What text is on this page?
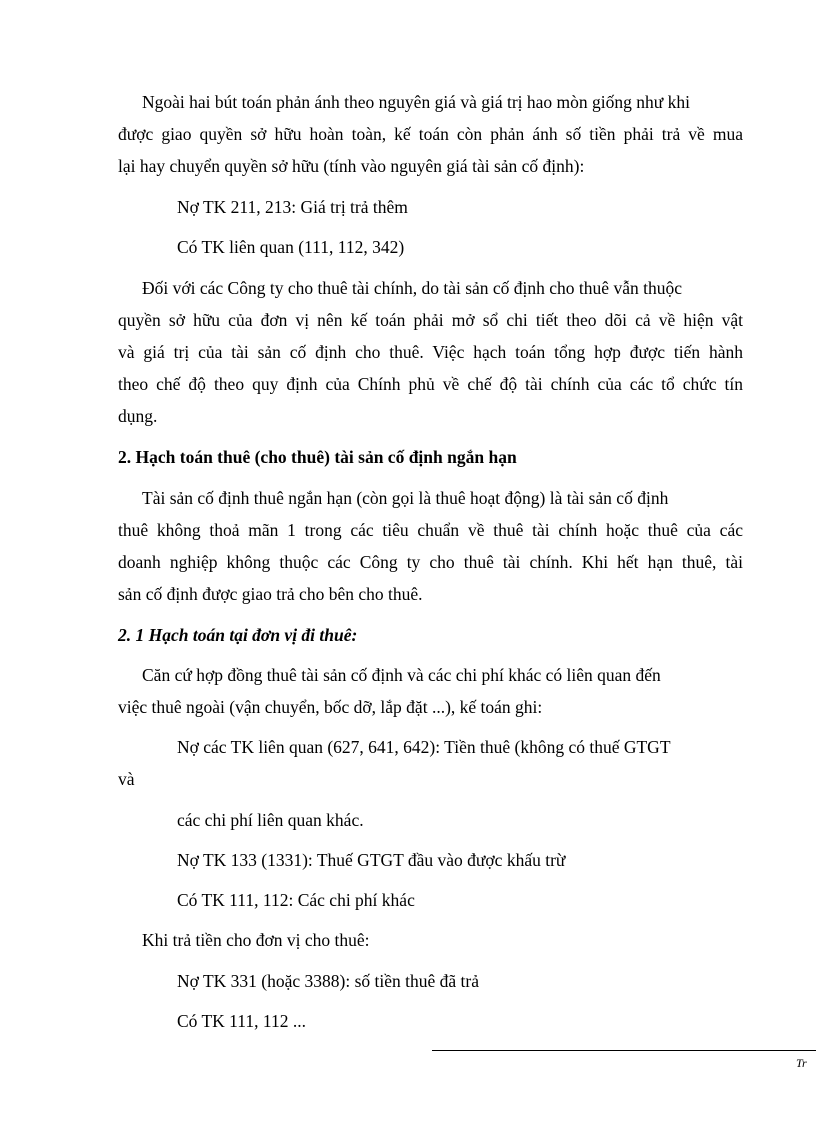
Ngoài hai bút toán phản ánh theo nguyên giá và giá trị hao mòn giống như khi
được giao quyền sở hữu hoàn toàn, kế toán còn phản ánh số tiền phải trả về mua
lại hay chuyển quyền sở hữu (tính vào nguyên giá tài sản cố định):
Nợ TK 211, 213: Giá trị trả thêm
Có TK liên quan (111, 112, 342)
Đối với các Công ty cho thuê tài chính, do tài sản cố định cho thuê vẫn thuộc
quyền sở hữu của đơn vị nên kế toán phải mở sổ chi tiết theo dõi cả về hiện vật
và giá trị của tài sản cố định cho thuê. Việc hạch toán tổng hợp được tiến hành
theo chế độ theo quy định của Chính phủ về chế độ tài chính của các tổ chức tín
dụng.
2. Hạch toán thuê (cho thuê) tài sản cố định ngắn hạn
Tài sản cố định thuê ngắn hạn (còn gọi là thuê hoạt động) là tài sản cố định
thuê không thoả mãn 1 trong các tiêu chuẩn về thuê tài chính hoặc thuê của các
doanh nghiệp không thuộc các Công ty cho thuê tài chính. Khi hết hạn thuê, tài
sản cố định được giao trả cho bên cho thuê.
2. 1 Hạch toán tại đơn vị đi thuê:
Căn cứ hợp đồng thuê tài sản cố định và các chi phí khác có liên quan đến
việc thuê ngoài (vận chuyển, bốc dỡ, lắp đặt ...), kế toán ghi:
Nợ các TK liên quan (627, 641, 642): Tiền thuê (không có thuế GTGT
và
các chi phí liên quan khác.
Nợ TK 133 (1331): Thuế GTGT đầu vào được khấu trừ
Có TK 111, 112: Các chi phí khác
Khi trả tiền cho đơn vị cho thuê:
Nợ TK 331 (hoặc 3388): số tiền thuê đã trả
Có TK 111, 112 ...
Tr
